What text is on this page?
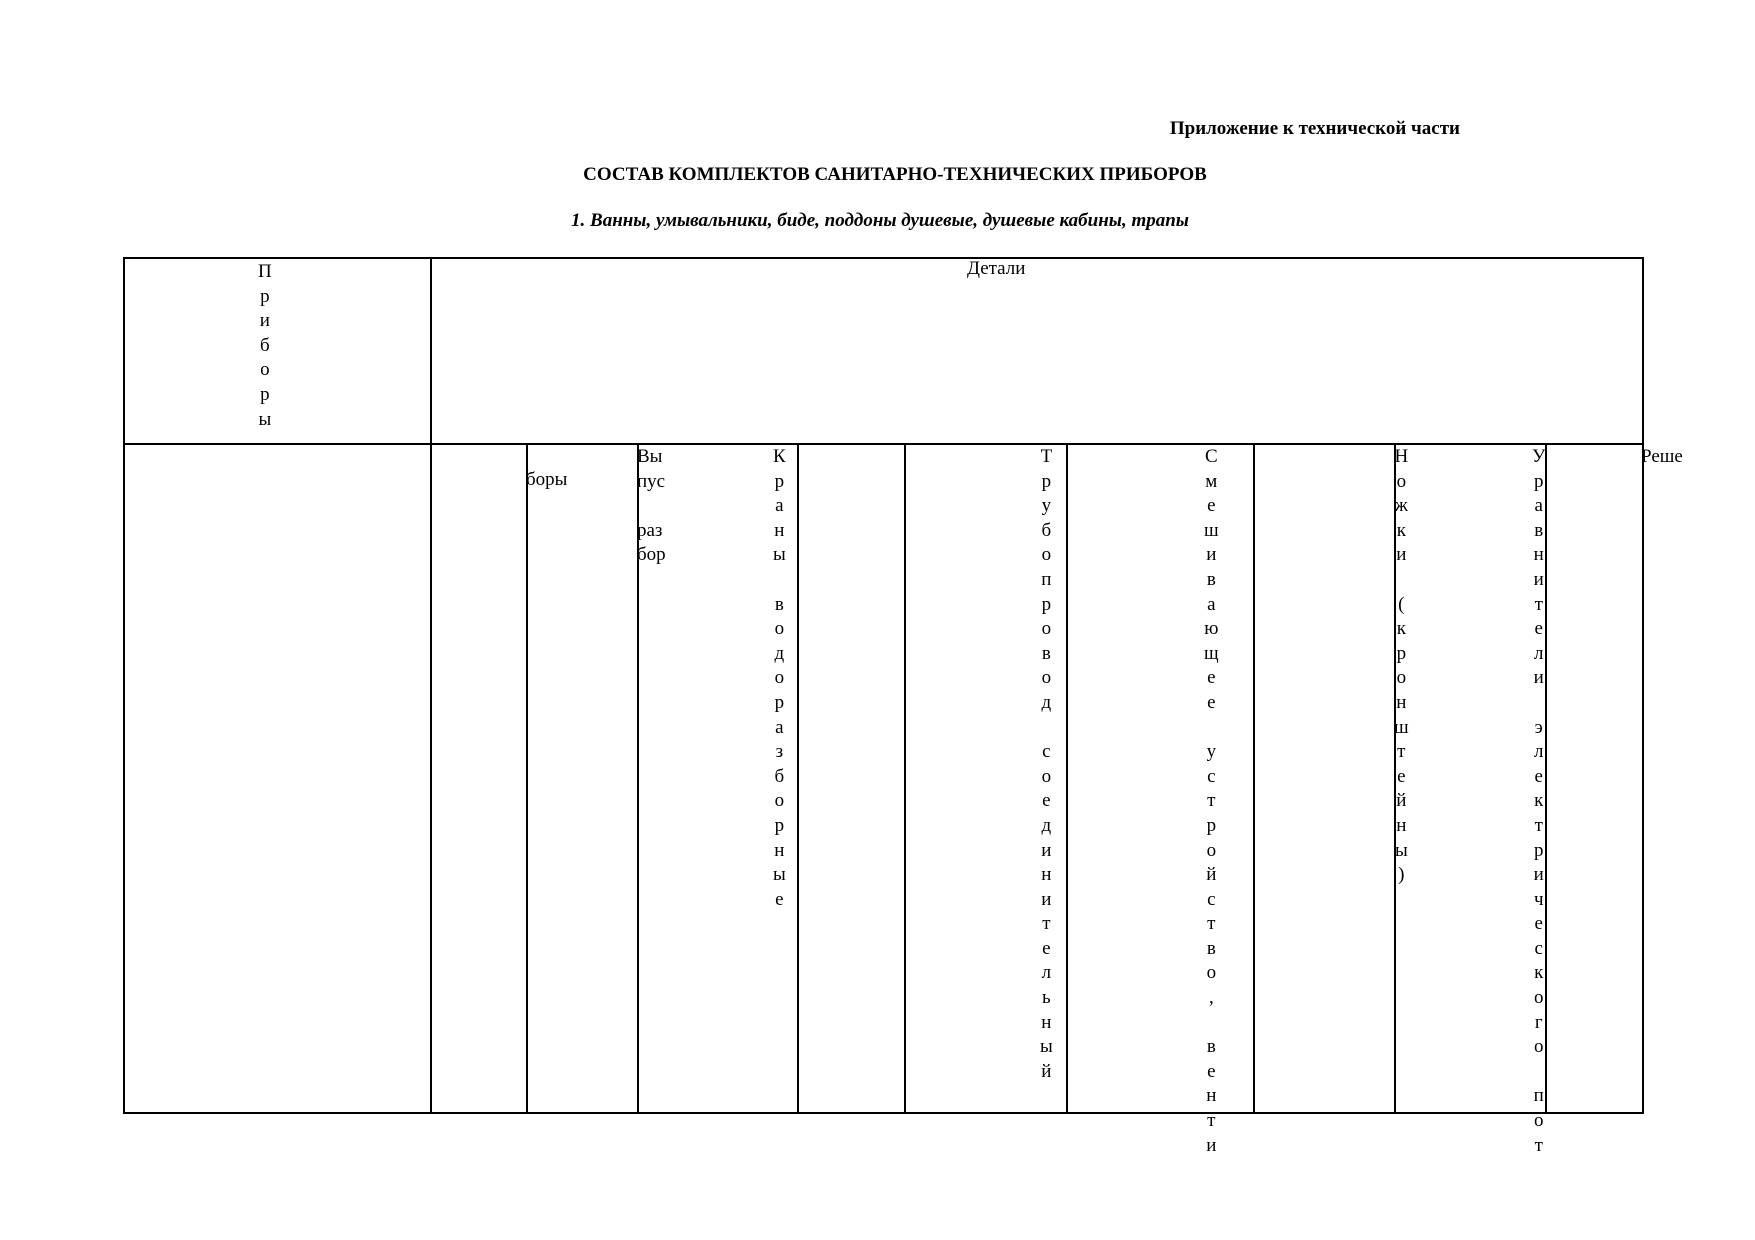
Приложение к технической части
СОСТАВ КОМПЛЕКТОВ САНИТАРНО-ТЕХНИЧЕСКИХ ПРИБОРОВ
1. Ванны, умывальники, биде, поддоны душевые, душевые кабины, трапы
П
р
и
б
о
р
ы
Детали
боры
Вы
пус

раз
бор
К
р
а
н
ы

в
о
д
о
р
а
з
б
о
р
н
ы
е
Т
р
у
б
о
п
р
о
в
о
д

с
о
е
д
и
н
и
т
е
л
ь
н
ы
й
С
м
е
ш
и
в
а
ю
щ
е
е

у
с
т
р
о
й
с
т
в
о
,

в
е
н
т
и
Н
о
ж
к
и

(
к
р
о
н
ш
т
е
й
н
ы
)
У
р
а
в
н
и
т
е
л
и

э
л
е
к
т
р
и
ч
е
с
к
о
г
о

п
о
т
Реше
